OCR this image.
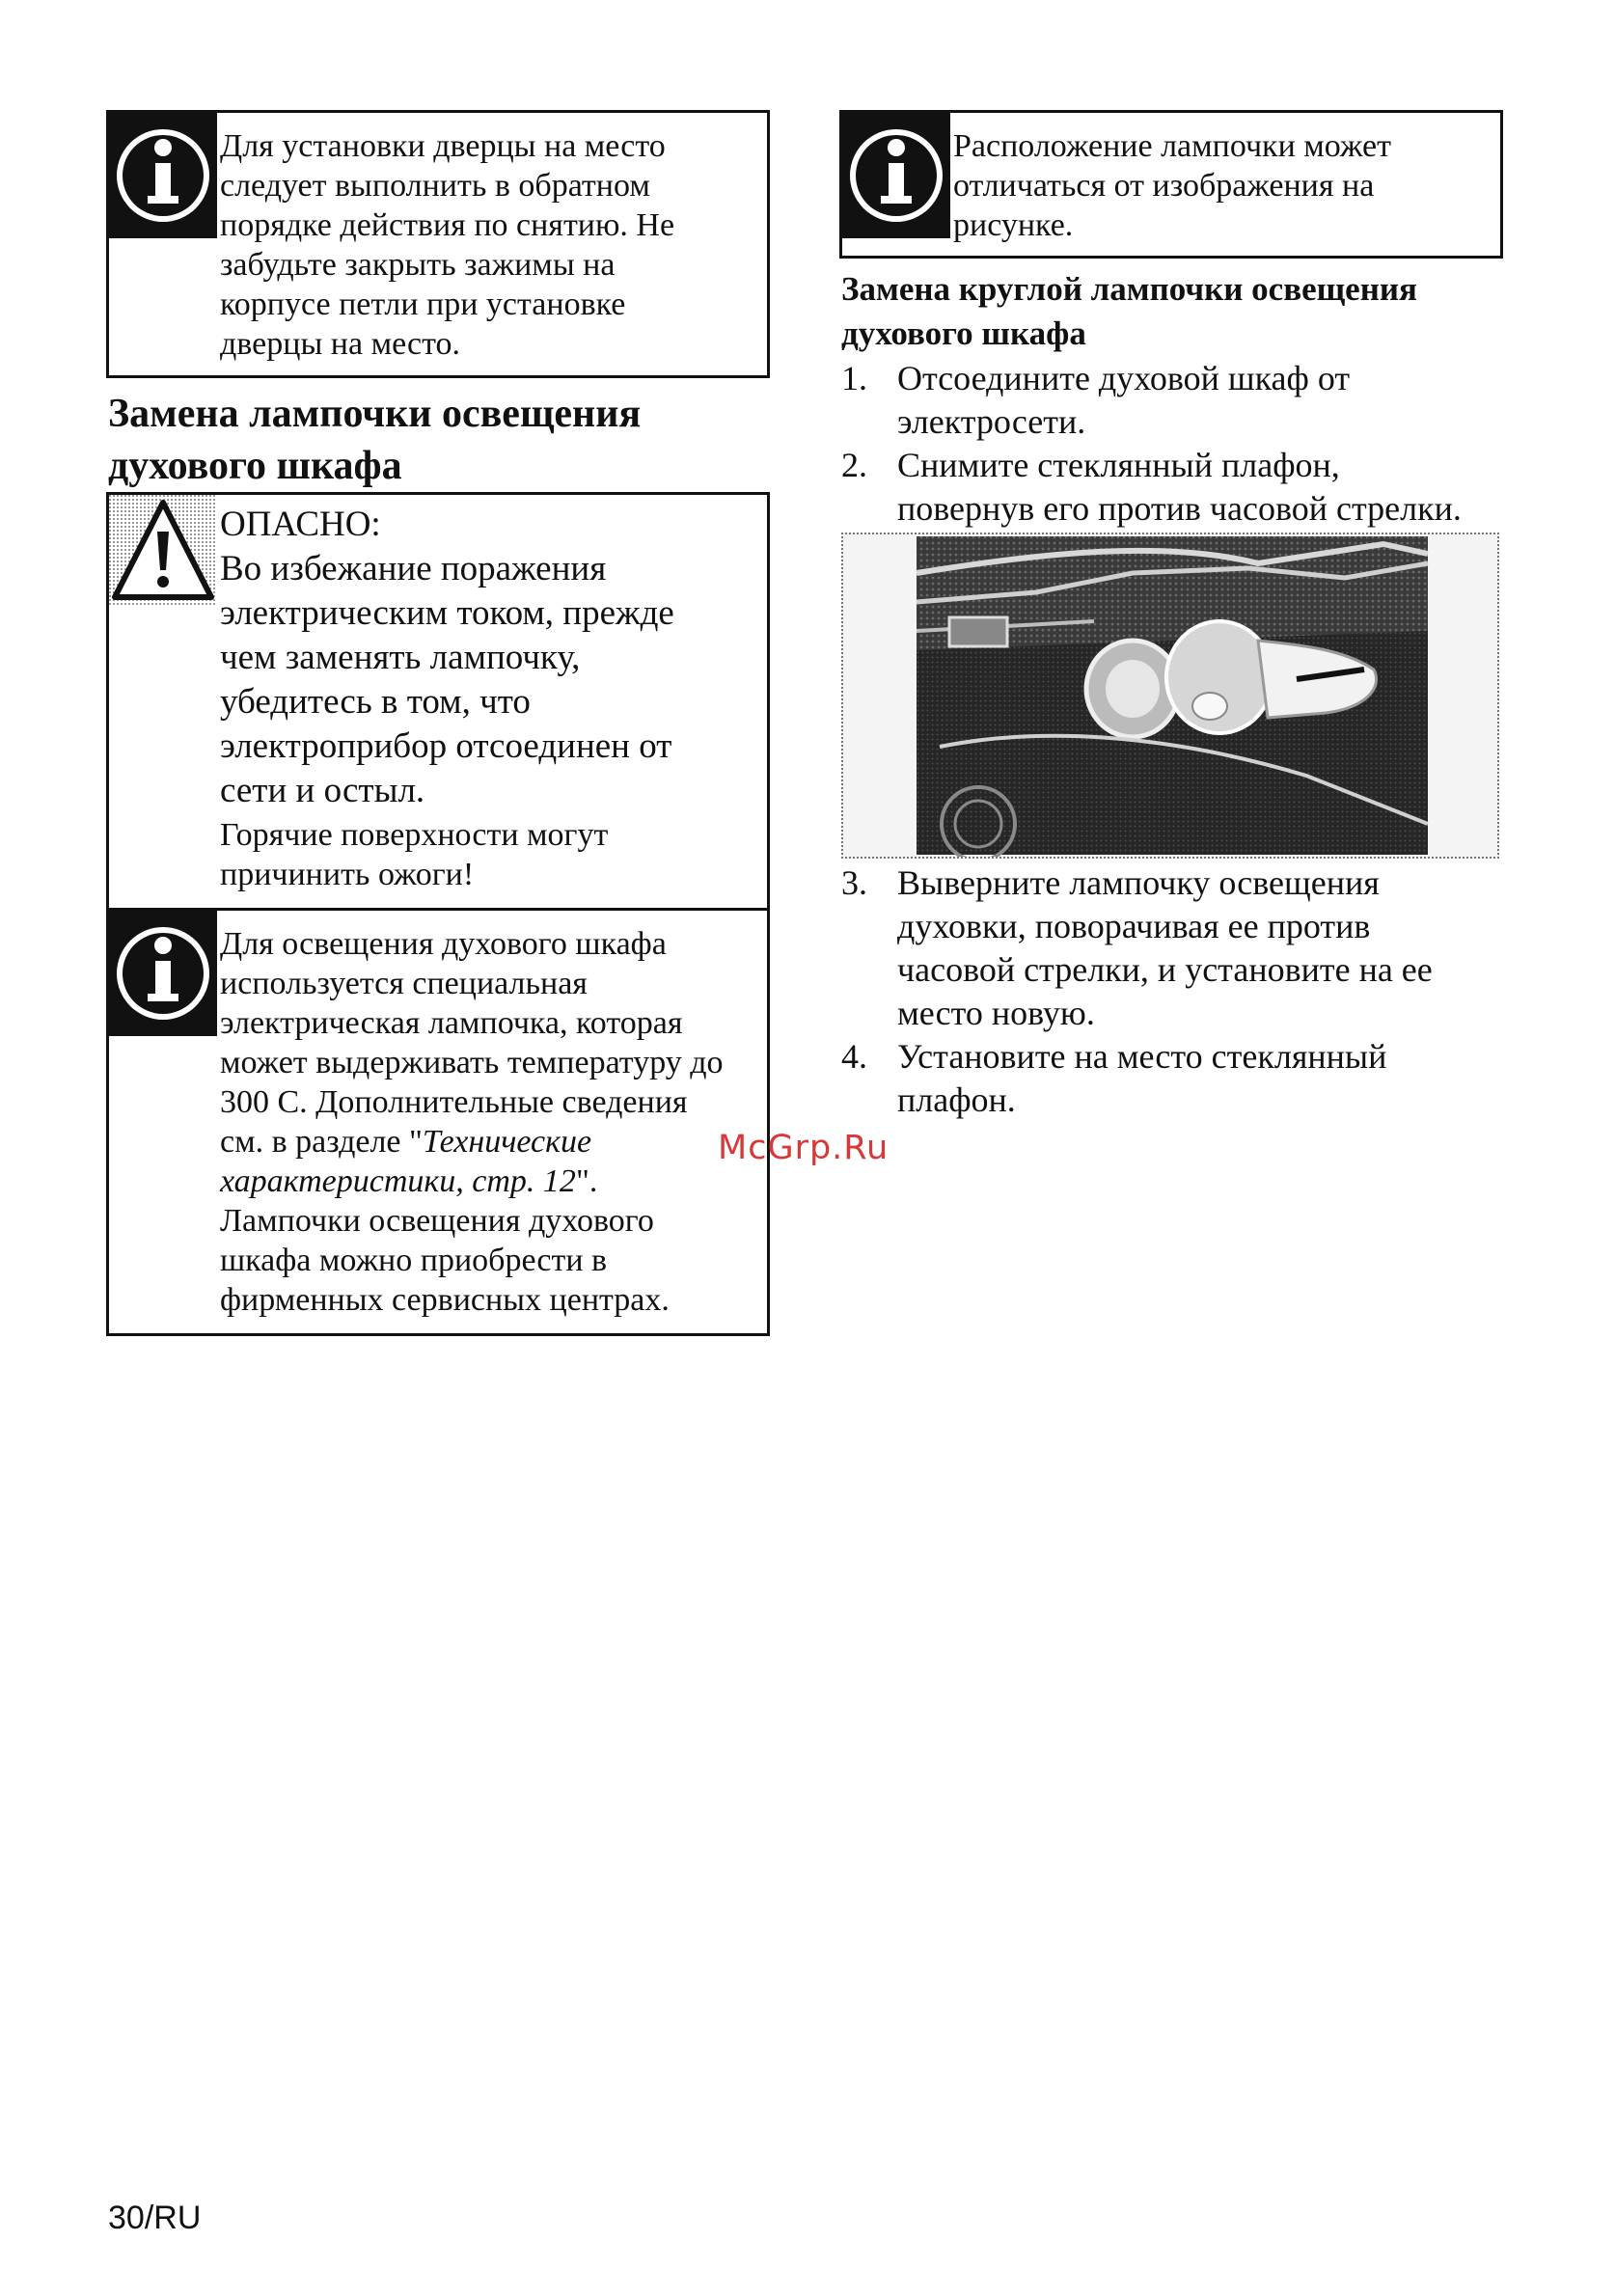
Для установки дверцы на место
следует выполнить в обратном
порядке действия по снятию. Не
забудьте закрыть зажимы на
корпусе петли при установке
дверцы на место.
Замена лампочки освещения
духового шкафа
ОПАСНО:
Во избежание поражения
электрическим током, прежде
чем заменять лампочку,
убедитесь в том, что
электроприбор отсоединен от
сети и остыл.
Горячие поверхности могут
причинить ожоги!
Для освещения духового шкафа
используется специальная
электрическая лампочка, которая
может выдерживать температуру до
300 С. Дополнительные сведения
см. в разделе "Технические
характеристики, стр. 12".
Лампочки освещения духового
шкафа можно приобрести в
фирменных сервисных центрах.
Расположение лампочки может
отличаться от изображения на
рисунке.
Замена круглой лампочки освещения
духового шкафа
1. Отсоедините духовой шкаф от
электросети.
2. Снимите стеклянный плафон,
повернув его против часовой стрелки.
3. Выверните лампочку освещения
духовки, поворачивая ее против
часовой стрелки, и установите на ее
место новую.
4. Установите на место стеклянный
плафон.
McGrp.Ru
30/RU
